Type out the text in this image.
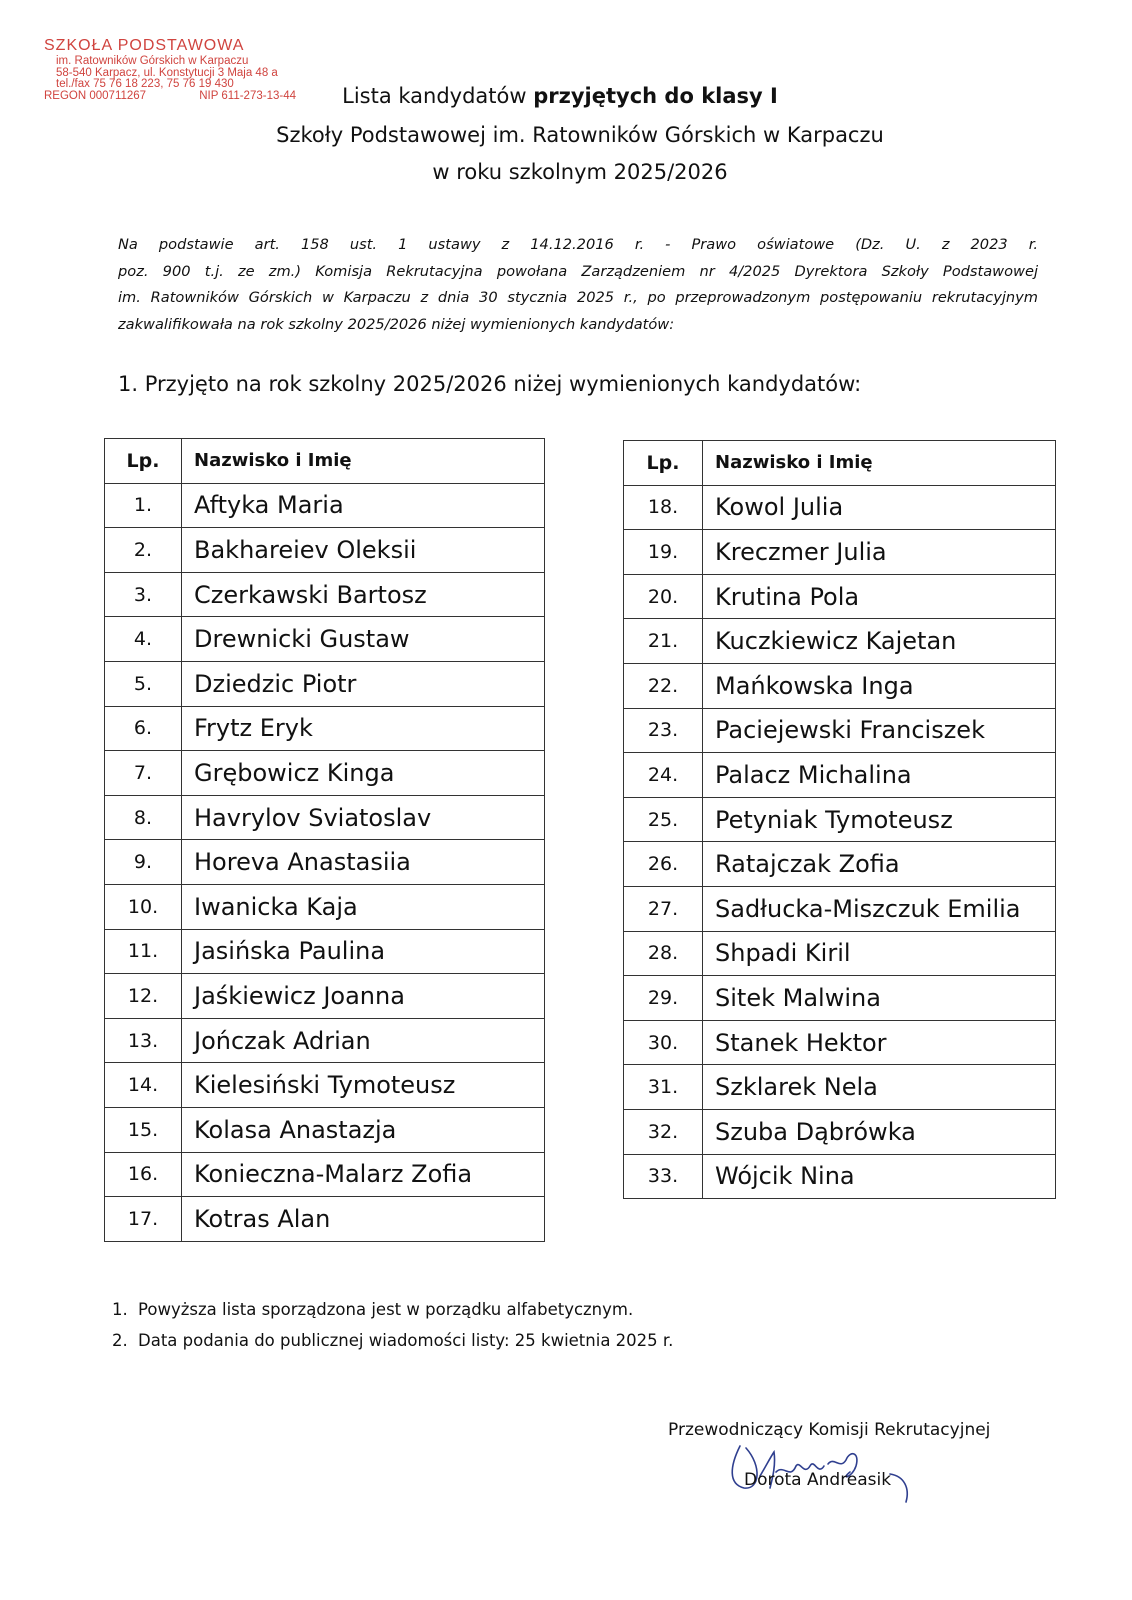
SZKOŁA PODSTAWOWA
im. Ratowników Górskich w Karpaczu
58-540 Karpacz, ul. Konstytucji 3 Maja 48 a
tel./fax 75 76 18 223, 75 76 19 430
REGON 000711267	NIP 611-273-13-44	Lista kandydatów przyjętych do klasy I
Szkoły Podstawowej im. Ratowników Górskich w Karpaczu
w roku szkolnym 2025/2026
Na podstawie art. 158 ust. 1 ustawy z 14.12.2016 r. - Prawo oświatowe (Dz. U. z 2023 r.
poz. 900 t.j. ze zm.) Komisja Rekrutacyjna powołana Zarządzeniem nr 4/2025 Dyrektora Szkoły Podstawowej
im. Ratowników Górskich w Karpaczu z dnia 30 stycznia 2025 r., po przeprowadzonym postępowaniu rekrutacyjnym
zakwalifikowała na rok szkolny 2025/2026 niżej wymienionych kandydatów:
1. Przyjęto na rok szkolny 2025/2026 niżej wymienionych kandydatów:
Lp.	Nazwisko i Imię
1.	Aftyka Maria
2.	Bakhareiev Oleksii
3.	Czerkawski Bartosz
4.	Drewnicki Gustaw
5.	Dziedzic Piotr
6.	Frytz Eryk
7.	Grębowicz Kinga
8.	Havrylov Sviatoslav
9.	Horeva Anastasiia
10.	Iwanicka Kaja
11.	Jasińska Paulina
12.	Jaśkiewicz Joanna
13.	Jończak Adrian
14.	Kielesiński Tymoteusz
15.	Kolasa Anastazja
16.	Konieczna-Malarz Zofia
17.	Kotras Alan
Lp.	Nazwisko i Imię
18.	Kowol Julia
19.	Kreczmer Julia
20.	Krutina Pola
21.	Kuczkiewicz Kajetan
22.	Mańkowska Inga
23.	Paciejewski Franciszek
24.	Palacz Michalina
25.	Petyniak Tymoteusz
26.	Ratajczak Zofia
27.	Sadłucka-Miszczuk Emilia
28.	Shpadi Kiril
29.	Sitek Malwina
30.	Stanek Hektor
31.	Szklarek Nela
32.	Szuba Dąbrówka
33.	Wójcik Nina
1. Powyższa lista sporządzona jest w porządku alfabetycznym.
2. Data podania do publicznej wiadomości listy: 25 kwietnia 2025 r.
Przewodniczący Komisji Rekrutacyjnej
Dorota Andreasik
